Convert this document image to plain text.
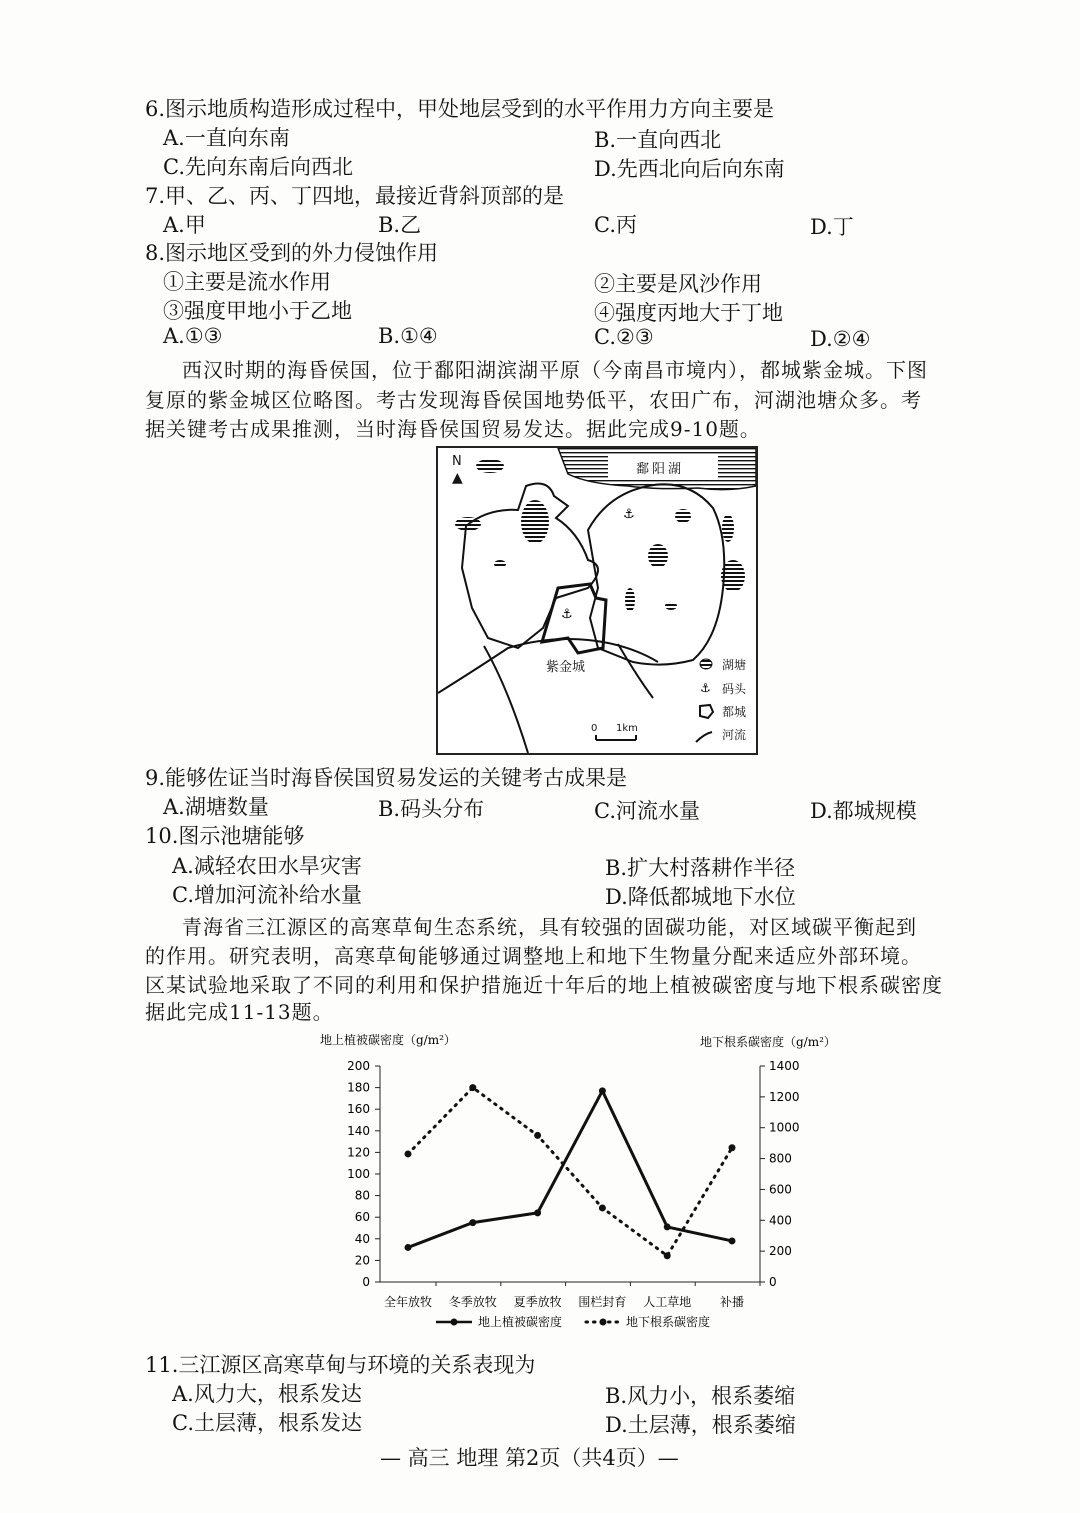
6.图示地质构造形成过程中，甲处地层受到的水平作用力方向主要是
A.一直向东南	B.一直向西北
C.先向东南后向西北	D.先西北向后向东南
7.甲、乙、丙、丁四地，最接近背斜顶部的是
A.甲	B.乙	C.丙	D.丁
8.图示地区受到的外力侵蚀作用
①主要是流水作用	②主要是风沙作用
③强度甲地小于乙地	④强度丙地大于丁地
A.①③	B.①④	C.②③	D.②④
西汉时期的海昏侯国，位于鄱阳湖滨湖平原（今南昌市境内），都城紫金城。下图
复原的紫金城区位略图。考古发现海昏侯国地势低平，农田广布，河湖池塘众多。考
据关键考古成果推测，当时海昏侯国贸易发达。据此完成9-10题。
⚓
⚓
⚓
N
▲
鄱阳湖
紫金城	湖塘
码头
都城
河流
0 1km
9.能够佐证当时海昏侯国贸易发运的关键考古成果是
A.湖塘数量	B.码头分布	C.河流水量	D.都城规模
10.图示池塘能够
A.减轻农田水旱灾害	B.扩大村落耕作半径
C.增加河流补给水量	D.降低都城地下水位
青海省三江源区的高寒草甸生态系统，具有较强的固碳功能，对区域碳平衡起到
的作用。研究表明，高寒草甸能够通过调整地上和地下生物量分配来适应外部环境。
区某试验地采取了不同的利用和保护措施近十年后的地上植被碳密度与地下根系碳密度
据此完成11-13题。
地上植被碳密度（g/m²）	地下根系碳密度（g/m²）
0
20
40
60
80
100
120
140
160
180
200
0
200
400
600
800
1000
1200
1400
全年放牧 冬季放牧 夏季放牧 围栏封育 人工草地 补播
地上植被碳密度	地下根系碳密度
11.三江源区高寒草甸与环境的关系表现为
A.风力大，根系发达	B.风力小，根系萎缩
C.土层薄，根系发达	D.土层薄，根系萎缩
— 高三 地理 第2页（共4页）—
